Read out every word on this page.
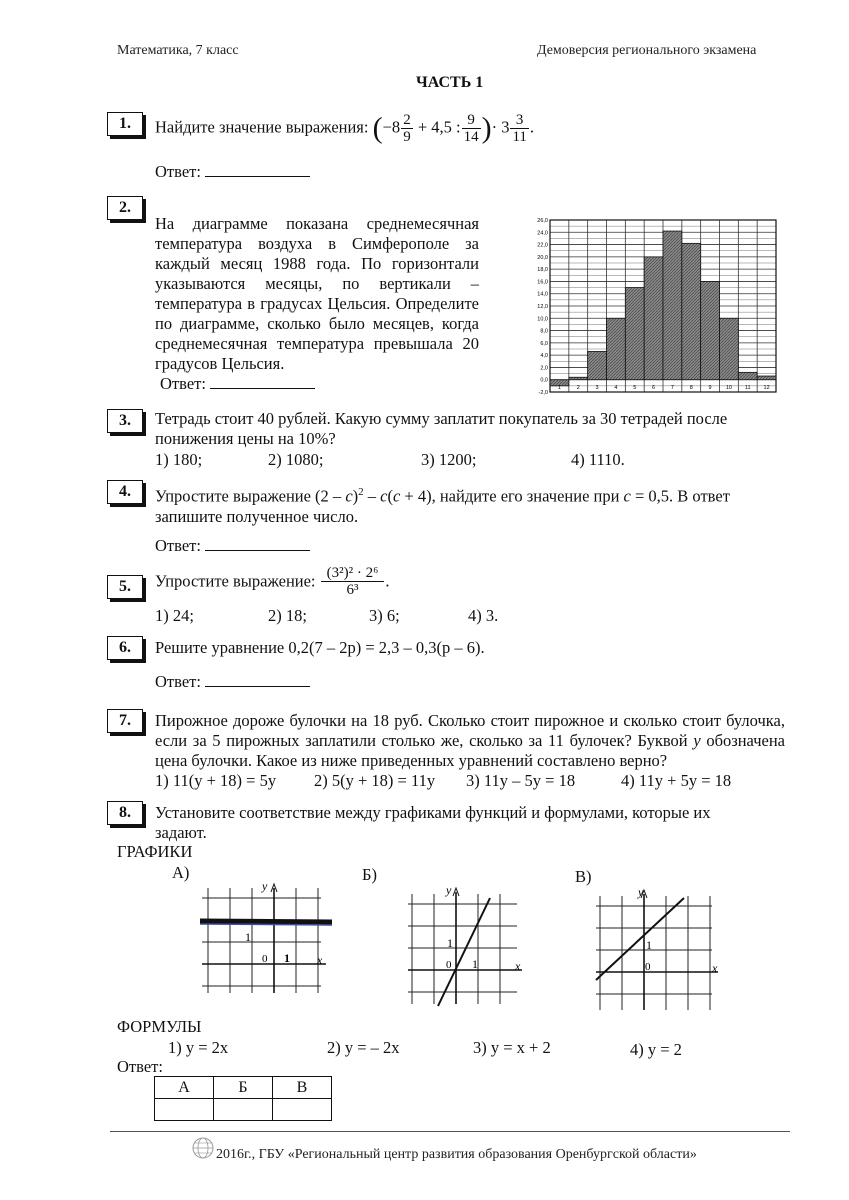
Математика, 7 класс	Демоверсия регионального экзамена
ЧАСТЬ 1
1.	Найдите значение выражения: ($-8 \frac{2}{9} + 4,5$ : $\frac{9}{14}$ )· $3 \frac{3}{11}$ .
Ответ:
2.
На диаграмме показана среднемесячная температура воздуха в Симферополе за каждый месяц 1988 года. По горизонтали указываются месяцы, по вертикали – температура в градусах Цельсия. Определите по диаграмме, сколько было месяцев, когда среднемесячная температура превышала 20 градусов Цельсия.
Ответ:	-2,0
0,0
2,0
4,0
6,0
8,0
10,0
12,0
14,0
16,0
18,0
20,0
22,0
24,0
26,0
1	2	3	4	5	6	7	8	9	10 11 12
3.	Тетрадь стоит 40 рублей. Какую сумму заплатит покупатель за 30 тетрадей после понижения цены на 10%?
1) 180;	2) 1080;	3) 1200;	4) 1110.
4.	Упростите выражение (2 – c)$^2$ – c(c + 4), найдите его значение при c = 0,5. В ответ запишите полученное число.
Ответ:
5.	Упростите выражение: $\frac{\text{(3²)² · 2⁶}}{\text{6³}}$ .
1) 24;	2) 18;	3) 6;	4) 3.
6.	Решите уравнение 0,2(7 – 2p) = 2,3 – 0,3(p – 6).
Ответ:
7.	Пирожное дороже булочки на 18 руб. Сколько стоит пирожное и сколько стоит булочка, если за 5 пирожных заплатили столько же, сколько за 11 булочек? Буквой y обозначена цена булочки. Какое из ниже приведенных уравнений составлено верно?
1) 11(y + 18) = 5y 2) 5(y + 18) = 11y 3) 11y – 5y = 18	4) 11y + 5y = 18
8.	Установите соответствие между графиками функций и формулами, которые их задают.
ГРАФИКИ
А)	Б)	В)
y
x
1
0 1
y
x
1
0 1
y
x
1
0
ФОРМУЛЫ
1) y = 2x	2) y = – 2x	3) y = x + 2	4) y = 2
Ответ:
А	Б	В

2016г., ГБУ «Региональный центр развития образования Оренбургской области»
